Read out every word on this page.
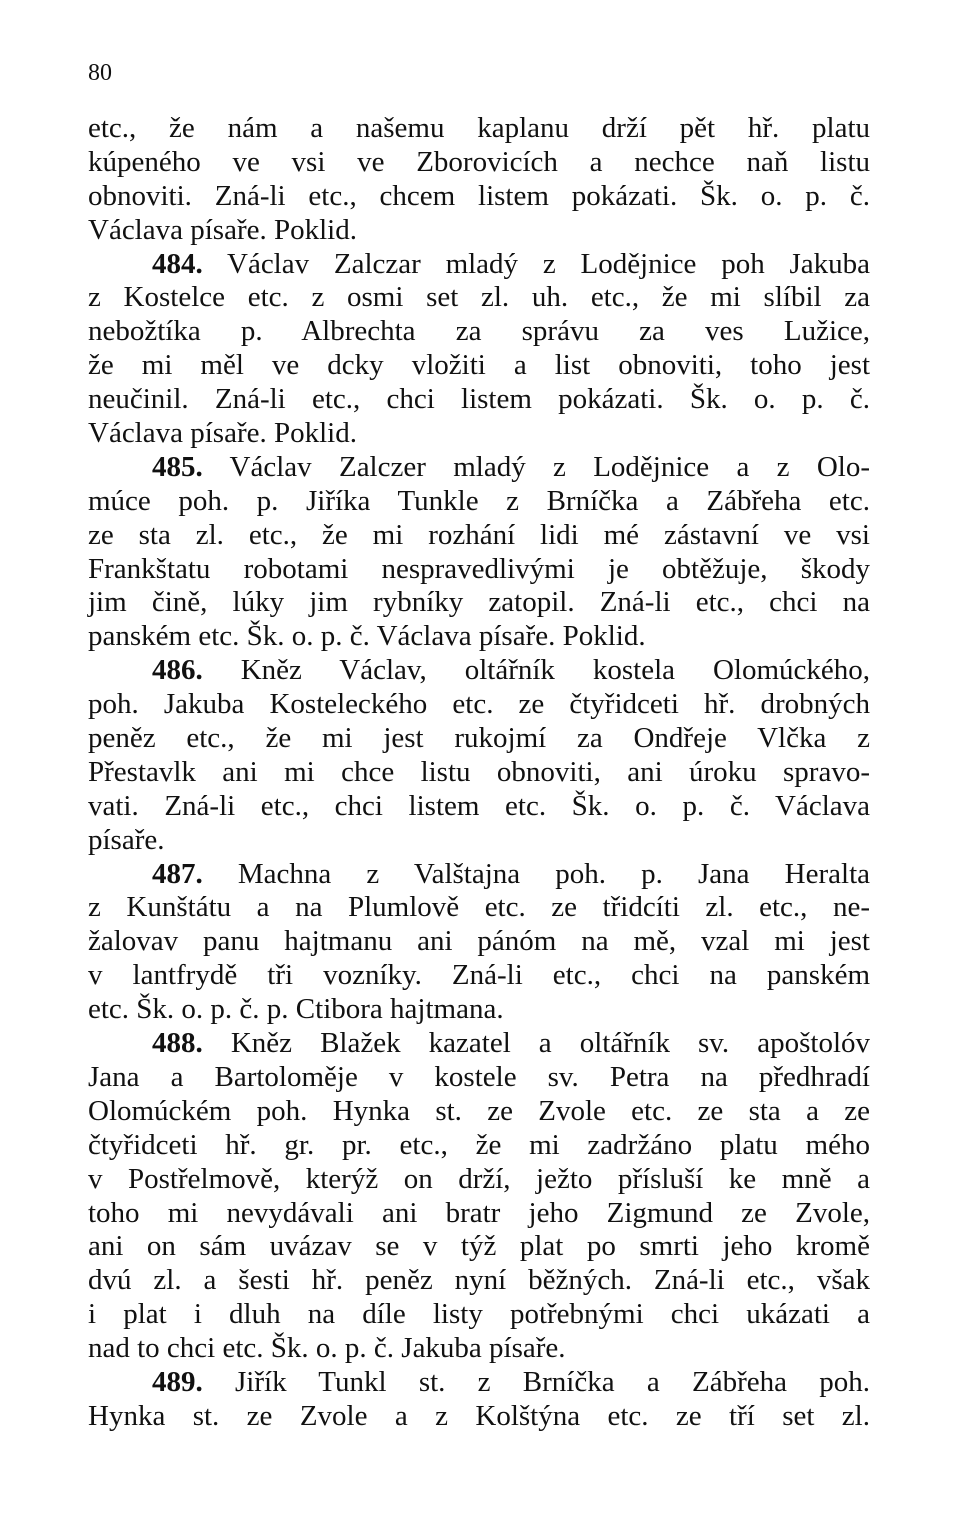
80
etc., že nám a našemu kaplanu drží pět hř. platu
kúpeného ve vsi ve Zborovicích a nechce naň listu
obnoviti. Zná-li etc., chcem listem pokázati. Šk. o. p. č.
Václava písaře. Poklid.
484. Václav Zalczar mladý z Lodějnice poh Jakuba
z Kostelce etc. z osmi set zl. uh. etc., že mi slíbil za
nebožtíka p. Albrechta za správu za ves Lužice,
že mi měl ve dcky vložiti a list obnoviti, toho jest
neučinil. Zná-li etc., chci listem pokázati. Šk. o. p. č.
Václava písaře. Poklid.
485. Václav Zalczer mladý z Lodějnice a z Olo-
múce poh. p. Jiříka Tunkle z Brníčka a Zábřeha etc.
ze sta zl. etc., že mi rozhání lidi mé zástavní ve vsi
Frankštatu robotami nespravedlivými je obtěžuje, škody
jim čině, lúky jim rybníky zatopil. Zná-li etc., chci na
panském etc. Šk. o. p. č. Václava písaře. Poklid.
486. Kněz Václav, oltářník kostela Olomúckého,
poh. Jakuba Kosteleckého etc. ze čtyřidceti hř. drobných
peněz etc., že mi jest rukojmí za Ondřeje Vlčka z
Přestavlk ani mi chce listu obnoviti, ani úroku spravo-
vati. Zná-li etc., chci listem etc. Šk. o. p. č. Václava
písaře.
487. Machna z Valštajna poh. p. Jana Heralta
z Kunštátu a na Plumlově etc. ze třidcíti zl. etc., ne-
žalovav panu hajtmanu ani pánóm na mě, vzal mi jest
v lantfrydě tři vozníky. Zná-li etc., chci na panském
etc. Šk. o. p. č. p. Ctibora hajtmana.
488. Kněz Blažek kazatel a oltářník sv. apoštolóv
Jana a Bartoloměje v kostele sv. Petra na předhradí
Olomúckém poh. Hynka st. ze Zvole etc. ze sta a ze
čtyřidceti hř. gr. pr. etc., že mi zadržáno platu mého
v Postřelmově, kterýž on drží, ježto přísluší ke mně a
toho mi nevydávali ani bratr jeho Zigmund ze Zvole,
ani on sám uvázav se v týž plat po smrti jeho kromě
dvú zl. a šesti hř. peněz nyní běžných. Zná-li etc., však
i plat i dluh na díle listy potřebnými chci ukázati a
nad to chci etc. Šk. o. p. č. Jakuba písaře.
489. Jiřík Tunkl st. z Brníčka a Zábřeha poh.
Hynka st. ze Zvole a z Kolštýna etc. ze tří set zl.
